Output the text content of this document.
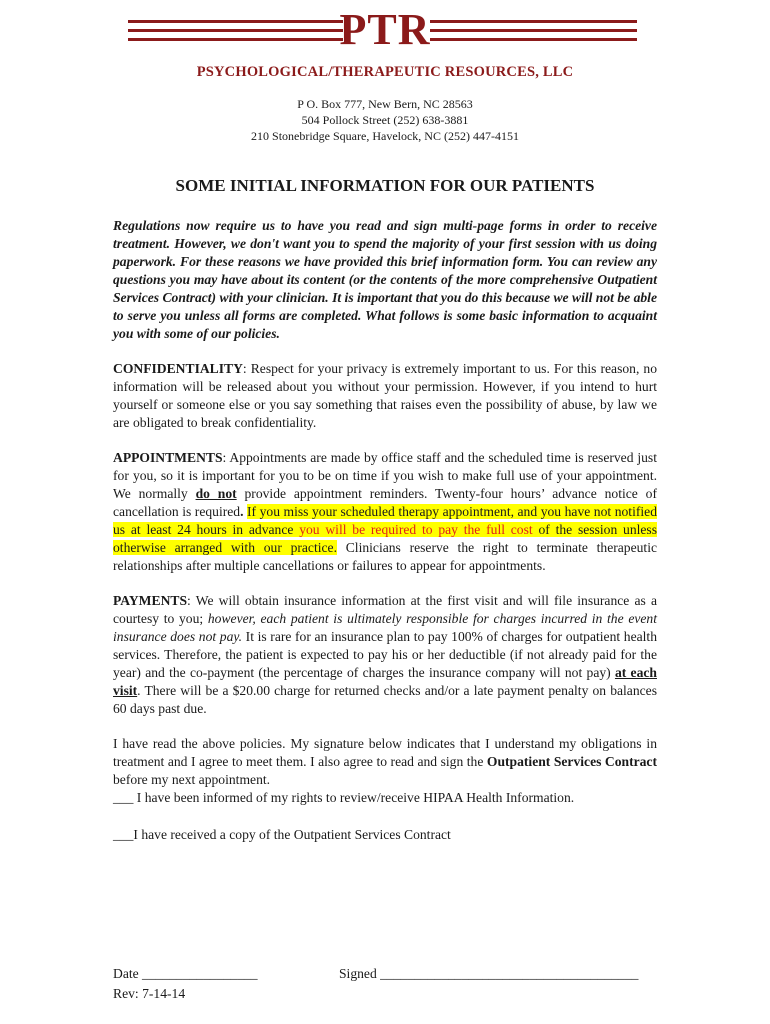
PTR
PSYCHOLOGICAL/THERAPEUTIC RESOURCES, LLC
P O. Box 777, New Bern, NC 28563
504 Pollock Street (252) 638-3881
210 Stonebridge Square, Havelock, NC (252) 447-4151
SOME INITIAL INFORMATION FOR OUR PATIENTS

Regulations now require us to have you read and sign multi-page forms in order to receive treatment. However, we don't want you to spend the majority of your first session with us doing paperwork. For these reasons we have provided this brief information form. You can review any questions you may have about its content (or the contents of the more comprehensive Outpatient Services Contract) with your clinician. It is important that you do this because we will not be able to serve you unless all forms are completed. What follows is some basic information to acquaint you with some of our policies.

CONFIDENTIALITY: Respect for your privacy is extremely important to us. For this reason, no information will be released about you without your permission. However, if you intend to hurt yourself or someone else or you say something that raises even the possibility of abuse, by law we are obligated to break confidentiality.

APPOINTMENTS: Appointments are made by office staff and the scheduled time is reserved just for you, so it is important for you to be on time if you wish to make full use of your appointment. We normally do not provide appointment reminders. Twenty-four hours’ advance notice of cancellation is required. If you miss your scheduled therapy appointment, and you have not notified us at least 24 hours in advance you will be required to pay the full cost of the session unless otherwise arranged with our practice. Clinicians reserve the right to terminate therapeutic relationships after multiple cancellations or failures to appear for appointments.

PAYMENTS: We will obtain insurance information at the first visit and will file insurance as a courtesy to you; however, each patient is ultimately responsible for charges incurred in the event insurance does not pay. It is rare for an insurance plan to pay 100% of charges for outpatient health services. Therefore, the patient is expected to pay his or her deductible (if not already paid for the year) and the co-payment (the percentage of charges the insurance company will not pay) at each visit. There will be a $20.00 charge for returned checks and/or a late payment penalty on balances 60 days past due.

I have read the above policies. My signature below indicates that I understand my obligations in treatment and I agree to meet them. I also agree to read and sign the Outpatient Services Contract before my next appointment.

___ I have been informed of my rights to review/receive HIPAA Health Information.

___I have received a copy of the Outpatient Services Contract

Date _________________	Signed ______________________________________
Rev: 7-14-14
